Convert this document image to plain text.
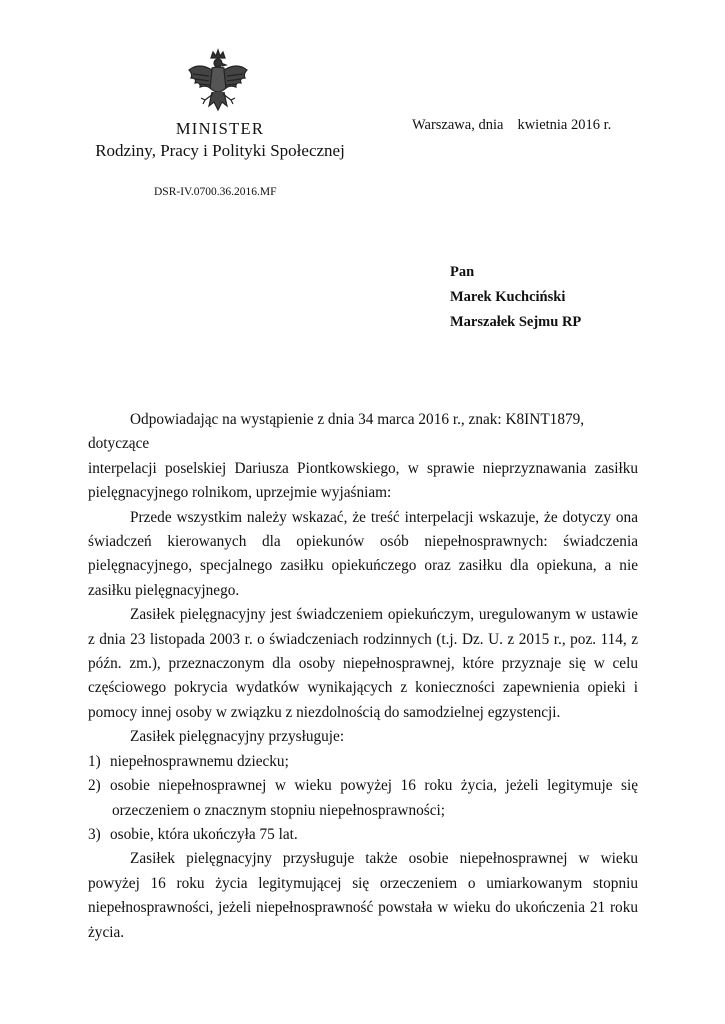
MINISTER
Rodziny, Pracy i Polityki Społecznej
DSR-IV.0700.36.2016.MF
Warszawa, dnia kwietnia 2016 r.
Pan
Marek Kuchciński
Marszałek Sejmu RP

Odpowiadając na wystąpienie z dnia 34 marca 2016 r., znak: K8INT1879, dotyczące

interpelacji poselskiej Dariusza Piontkowskiego, w sprawie nieprzyznawania zasiłku

pielęgnacyjnego rolnikom, uprzejmie wyjaśniam:

Przede wszystkim należy wskazać, że treść interpelacji wskazuje, że dotyczy ona świadczeń kierowanych dla opiekunów osób niepełnosprawnych: świadczenia pielęgnacyjnego, specjalnego zasiłku opiekuńczego oraz zasiłku dla opiekuna, a nie zasiłku pielęgnacyjnego.

Zasiłek pielęgnacyjny jest świadczeniem opiekuńczym, uregulowanym w ustawie z dnia 23 listopada 2003 r. o świadczeniach rodzinnych (t.j. Dz. U. z 2015 r., poz. 114, z późn. zm.), przeznaczonym dla osoby niepełnosprawnej, które przyznaje się w celu częściowego pokrycia wydatków wynikających z konieczności zapewnienia opieki i pomocy innej osoby w związku z niezdolnością do samodzielnej egzystencji.

Zasiłek pielęgnacyjny przysługuje:

1) niepełnosprawnemu dziecku;
2) osobie niepełnosprawnej w wieku powyżej 16 roku życia, jeżeli legitymuje się

orzeczeniem o znacznym stopniu niepełnosprawności;

3) osobie, która ukończyła 75 lat.

Zasiłek pielęgnacyjny przysługuje także osobie niepełnosprawnej w wieku powyżej 16 roku życia legitymującej się orzeczeniem o umiarkowanym stopniu niepełnosprawności, jeżeli niepełnosprawność powstała w wieku do ukończenia 21 roku życia.
